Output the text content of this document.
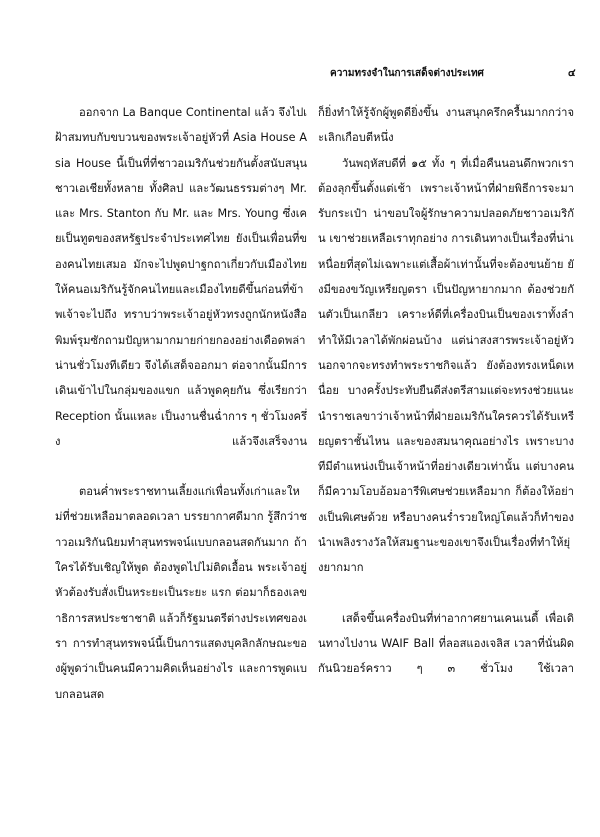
ความทรงจำในการเสด็จต่างประเทศ	๔

ออกจาก La Banque Continental แล้ว จึงไปเฝ้าสมทบกับขบวนของพระเจ้าอยู่หัวที่ Asia House Asia House นี้เป็นที่ที่ชาวอเมริกันช่วยกันตั้งสนับสนุนชาวเอเชียทั้งหลาย ทั้งศิลป และวัฒนธรรมต่างๆ Mr. และ Mrs. Stanton กับ Mr. และ Mrs. Young ซึ่งเคยเป็นทูตของสหรัฐประจำประเทศไทย ยังเป็นเพื่อนที่ของคนไทยเสมอ มักจะไปพูดปาฐกถาเกี่ยวกับเมืองไทยให้คนอเมริกันรู้จักคนไทยและเมืองไทยดีขึ้นก่อนที่ข้าพเจ้าจะไปถึง ทราบว่าพระเจ้าอยู่หัวทรงถูกนักหนังสือพิมพ์รุมซักถามปัญหามากมายก่ายกองอย่างเดือดพล่าน่านชั่วโมงทีเดียว จึงได้เสด็จออกมา ต่อจากนั้นมีการเดินเข้าไปในกลุ่มของแขก แล้วพูดคุยกัน ซึ่งเรียกว่า Reception นั้นแหละ เป็นงานชื่นฉ่ำการ ๆ ชั่วโมงครึ่ง แล้วจึงเสร็จงาน

ตอนค่ำพระราชทานเลี้ยงแก่เพื่อนทั้งเก่าและใหม่ที่ช่วยเหลือมาตลอดเวลา บรรยากาศดีมาก รู้สึกว่าชาวอเมริกันนิยมทำสุนทรพจน์แบบกลอนสดกันมาก ถ้าใครได้รับเชิญให้พูด ต้องพูดไปไม่ติดเอื้อน พระเจ้าอยู่หัวต้องรับสั่งเป็นหระยะเป็นระยะ แรก ต่อมาก็ธองเลขาธิการสหประชาชาติ แล้วก็รัฐมนตรีต่างประเทศของเรา การทำสุนทรพจน์นี้เป็นการแสดงบุคลิกลักษณะของผู้พูดว่าเป็นคนมีความคิดเห็นอย่างไร และการพูดแบบกลอนสด

ก็ยิ่งทำให้รู้จักผู้พูดดียิ่งขึ้น งานสนุกครึกครื้นมากกว่าจะเลิกเกือบตีหนึ่ง

วันพฤหัสบดีที่ ๑๕ ทั้ง ๆ ที่เมื่อคืนนอนดึกพวกเราต้องลุกขึ้นตั้งแต่เช้า เพราะเจ้าหน้าที่ฝ่ายพิธีการจะมารับกระเป๋า น่าขอบใจผู้รักษาความปลอดภัยชาวอเมริกัน เขาช่วยเหลือเราทุกอย่าง การเดินทางเป็นเรื่องที่น่าเหนื่อยที่สุดไม่เฉพาะแต่เสื้อผ้าเท่านั้นที่จะต้องขนย้าย ยังมีของขวัญเหรียญตรา เป็นปัญหายากมาก ต้องช่วยกันตัวเป็นเกลียว เคราะห์ดีที่เครื่องบินเป็นของเราทั้งลำ ทำให้มีเวลาได้พักผ่อนบ้าง แต่น่าสงสารพระเจ้าอยู่หัวนอกจากจะทรงทำพระราชกิจแล้ว ยังต้องทรงเหน็ดเหนื่อย บางครั้งประทับยืนดีส่งตรีสามแต่จะทรงช่วยแนะนำราชเลขาว่าเจ้าหน้าที่ฝ่ายอเมริกันใครควรได้รับเหรียญตราชั้นไหน และของสมนาคุณอย่างไร เพราะบางทีมีตำแหน่งเป็นเจ้าหน้าที่อย่างเดียวเท่านั้น แต่บางคนก็มีความโอบอ้อมอารีพิเศษช่วยเหลือมาก ก็ต้องให้อย่างเป็นพิเศษด้วย หรือบางคนร่ำรวยใหญ่โตแล้วก็ทำของนำเพลิงรางวัลให้สมฐานะของเขาจึงเป็นเรื่องที่ทำให้ยุ่งยากมาก

เสด็จขึ้นเครื่องบินที่ท่าอากาศยานเคนเนดี้ เพื่อเดินทางไปงาน WAIF Ball ที่ลอสแองเจลิส เวลาที่นั่นผิดกันนิวยอร์คราว ๆ ๓ ชั่วโมง ใช้เวลา
